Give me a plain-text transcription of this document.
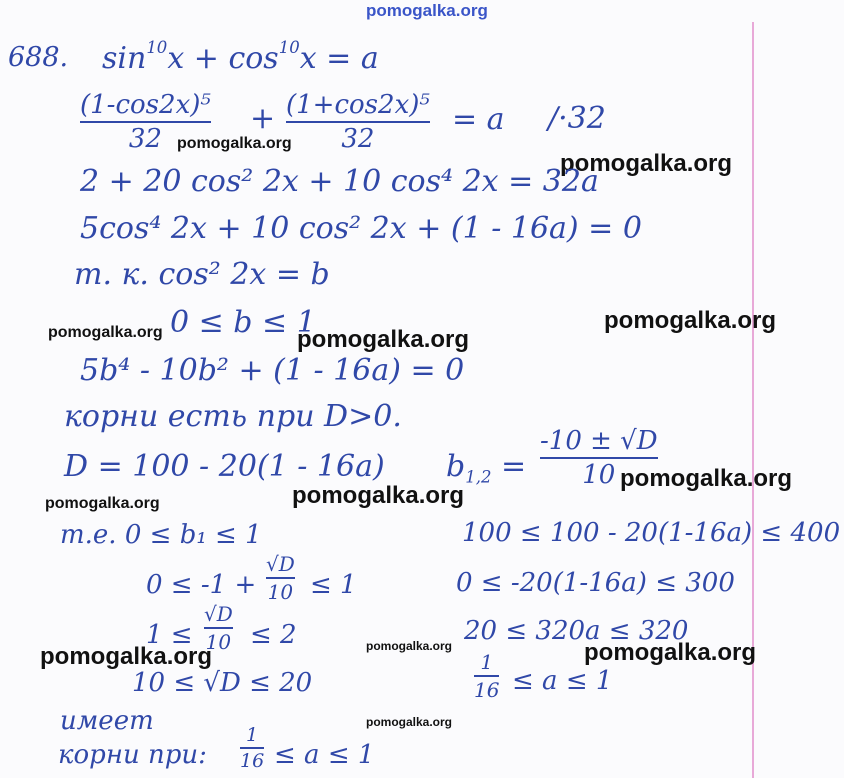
pomogalka.org
pomogalka.org
pomogalka.org
pomogalka.org	pomogalka.org
pomogalka.org
pomogalka.org
pomogalka.org
pomogalka.org
pomogalka.org	pomogalka.org	pomogalka.org
pomogalka.org
688. $\sin^{10}x + \cos^{10}x = a$
(1-cos2x)⁵
32
+ (1+cos2x)⁵
32
= a /·32
2 + 20 cos² 2x + 10 cos⁴ 2x = 32a
5cos⁴ 2x + 10 cos² 2x + (1 - 16a) = 0
т. к. cos² 2x = b
0 ≤ b ≤ 1
5b⁴ - 10b² + (1 - 16a) = 0
корни есть при D>0.
D = 100 - 20(1 - 16a) $b_{1,2}$ =
-10 ± √D
10
т.е. 0 ≤ b₁ ≤ 1
0 ≤ -1 +
√D
10 ≤ 1
1 ≤
√D
10 ≤ 2
10 ≤ √D ≤ 20
100 ≤ 100 - 20(1-16a) ≤ 400
0 ≤ -20(1-16a) ≤ 300
20 ≤ 320a ≤ 320
1
16 ≤ a ≤ 1
имеет
корни при:
1
16 ≤ a ≤ 1
